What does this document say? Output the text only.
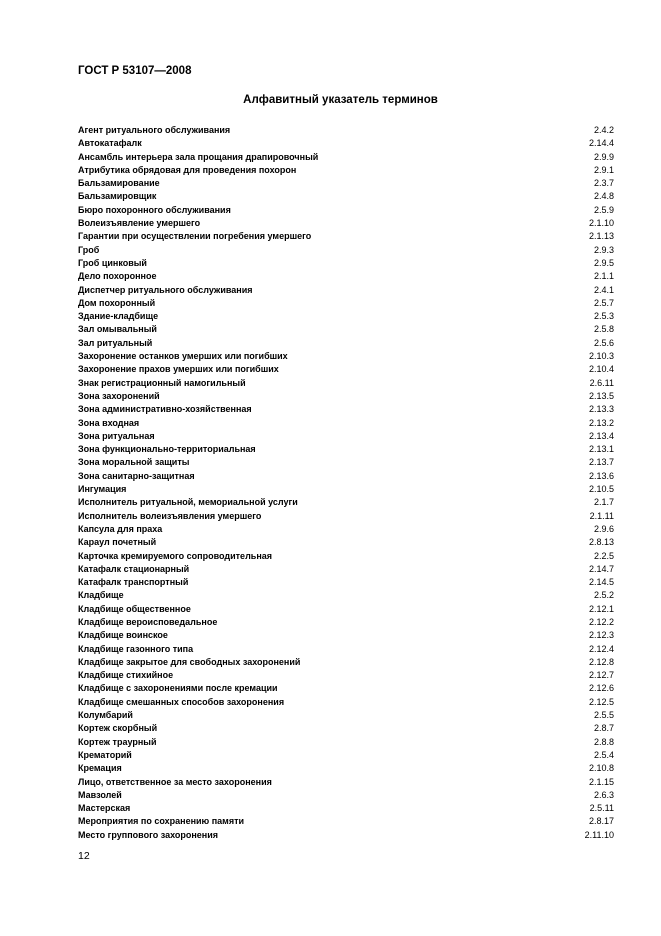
ГОСТ Р 53107—2008
Алфавитный указатель терминов
Агент ритуального обслуживания	2.4.2
Автокатафалк	2.14.4
Ансамбль интерьера зала прощания драпировочный	2.9.9
Атрибутика обрядовая для проведения похорон	2.9.1
Бальзамирование	2.3.7
Бальзамировщик	2.4.8
Бюро похоронного обслуживания	2.5.9
Волеизъявление умершего	2.1.10
Гарантии при осуществлении погребения умершего	2.1.13
Гроб	2.9.3
Гроб цинковый	2.9.5
Дело похоронное	2.1.1
Диспетчер ритуального обслуживания	2.4.1
Дом похоронный	2.5.7
Здание-кладбище	2.5.3
Зал омывальный	2.5.8
Зал ритуальный	2.5.6
Захоронение останков умерших или погибших	2.10.3
Захоронение прахов умерших или погибших	2.10.4
Знак регистрационный намогильный	2.6.11
Зона захоронений	2.13.5
Зона административно-хозяйственная	2.13.3
Зона входная	2.13.2
Зона ритуальная	2.13.4
Зона функционально-территориальная	2.13.1
Зона моральной защиты	2.13.7
Зона санитарно-защитная	2.13.6
Ингумация	2.10.5
Исполнитель ритуальной, мемориальной услуги	2.1.7
Исполнитель волеизъявления умершего	2.1.11
Капсула для праха	2.9.6
Караул почетный	2.8.13
Карточка кремируемого сопроводительная	2.2.5
Катафалк стационарный	2.14.7
Катафалк транспортный	2.14.5
Кладбище	2.5.2
Кладбище общественное	2.12.1
Кладбище вероисповедальное	2.12.2
Кладбище воинское	2.12.3
Кладбище газонного типа	2.12.4
Кладбище закрытое для свободных захоронений	2.12.8
Кладбище стихийное	2.12.7
Кладбище с захоронениями после кремации	2.12.6
Кладбище смешанных способов захоронения	2.12.5
Колумбарий	2.5.5
Кортеж скорбный	2.8.7
Кортеж траурный	2.8.8
Крематорий	2.5.4
Кремация	2.10.8
Лицо, ответственное за место захоронения	2.1.15
Мавзолей	2.6.3
Мастерская	2.5.11
Мероприятия по сохранению памяти	2.8.17
Место группового захоронения	2.11.10
12
